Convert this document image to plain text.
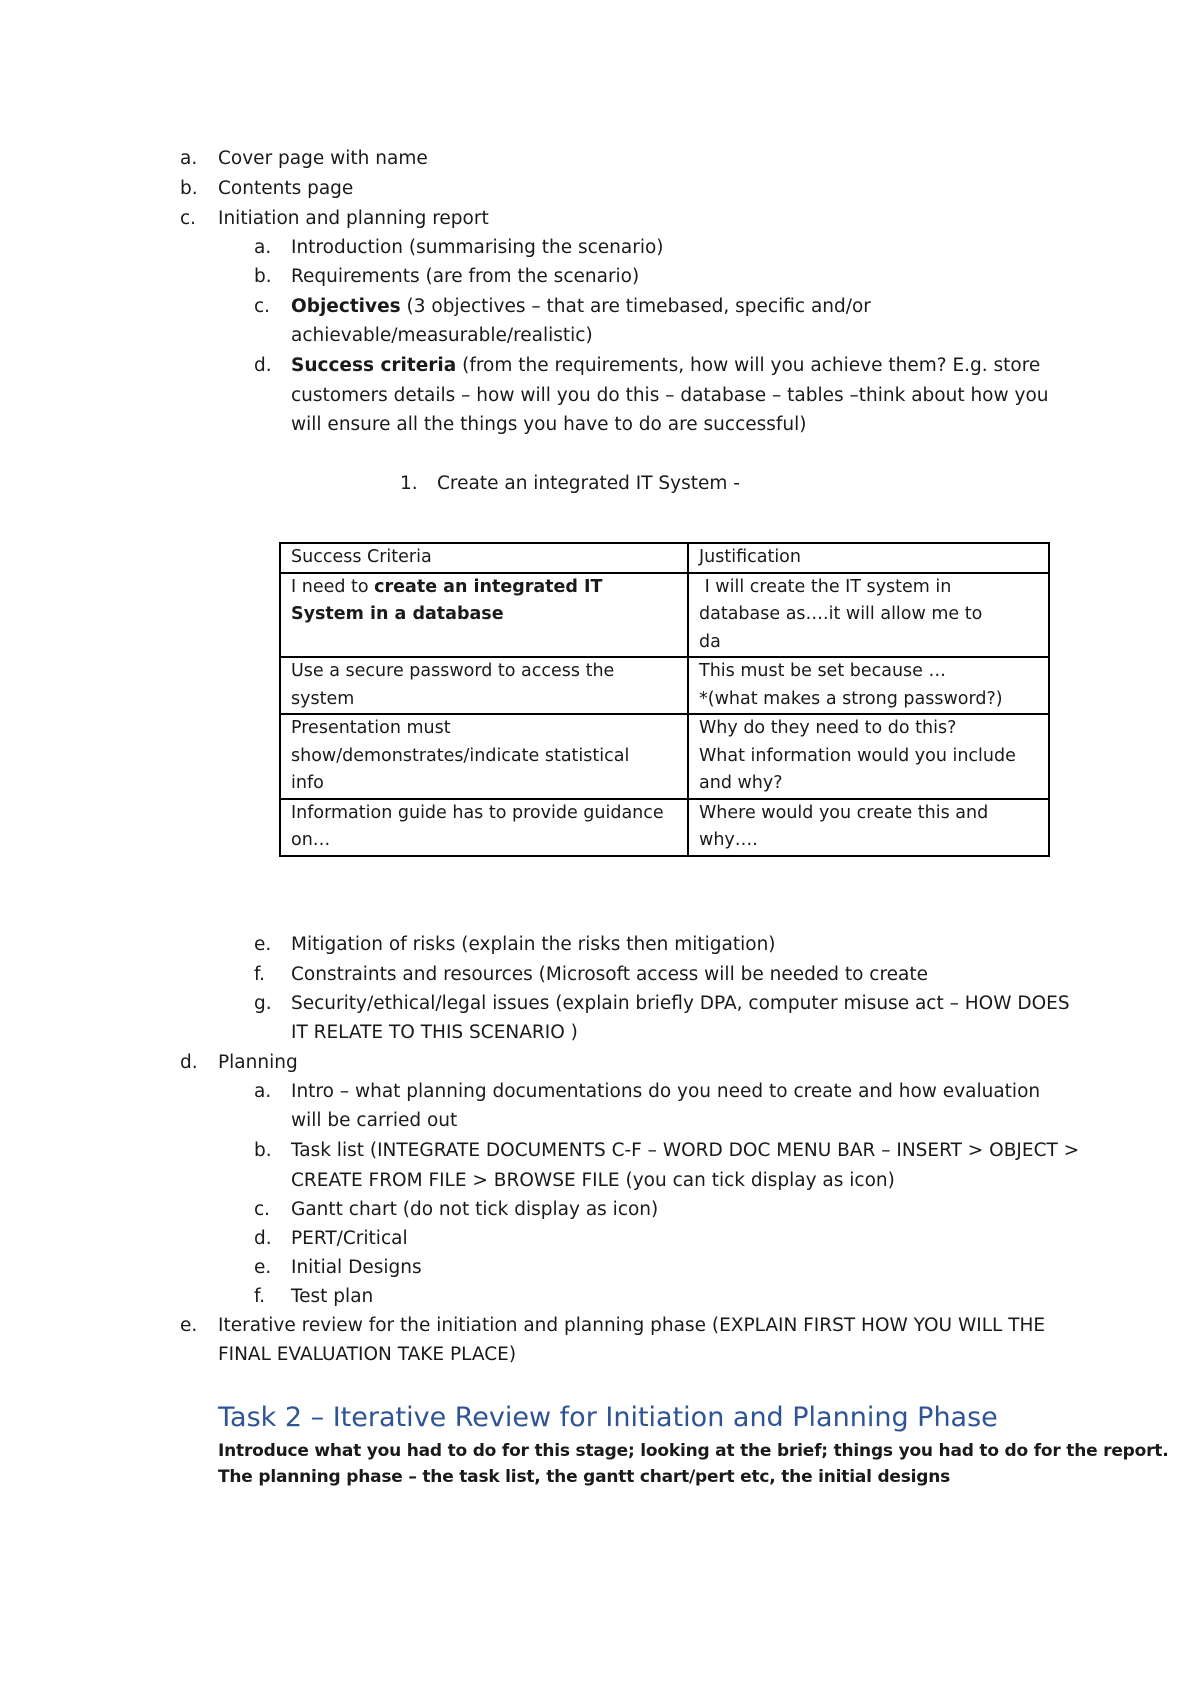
a. Cover page with name
b. Contents page
c. Initiation and planning report
a. Introduction (summarising the scenario)
b. Requirements (are from the scenario)
c. Objectives (3 objectives – that are timebased, specific and/or
achievable/measurable/realistic)
d. Success criteria (from the requirements, how will you achieve them? E.g. store
customers details – how will you do this – database – tables –think about how you
will ensure all the things you have to do are successful)
1. Create an integrated IT System -
Success Criteria	Justification
I need to create an integrated IT System in a database	I will create the IT system in
database as….it will allow me to
da
Use a secure password to access the
system	This must be set because …
*(what makes a strong password?)
Presentation must
show/demonstrates/indicate statistical
info	Why do they need to do this?
What information would you include
and why?
Information guide has to provide guidance
on…	Where would you create this and
why….
e. Mitigation of risks (explain the risks then mitigation)
f. Constraints and resources (Microsoft access will be needed to create
g. Security/ethical/legal issues (explain briefly DPA, computer misuse act – HOW DOES
IT RELATE TO THIS SCENARIO )
d. Planning
a. Intro – what planning documentations do you need to create and how evaluation
will be carried out
b. Task list (INTEGRATE DOCUMENTS C-F – WORD DOC MENU BAR – INSERT > OBJECT >
CREATE FROM FILE > BROWSE FILE (you can tick display as icon)
c. Gantt chart (do not tick display as icon)
d. PERT/Critical
e. Initial Designs
f. Test plan
e. Iterative review for the initiation and planning phase (EXPLAIN FIRST HOW YOU WILL THE
FINAL EVALUATION TAKE PLACE)
Task 2 – Iterative Review for Initiation and Planning Phase
Introduce what you had to do for this stage; looking at the brief; things you had to do for the report.
The planning phase – the task list, the gantt chart/pert etc, the initial designs
